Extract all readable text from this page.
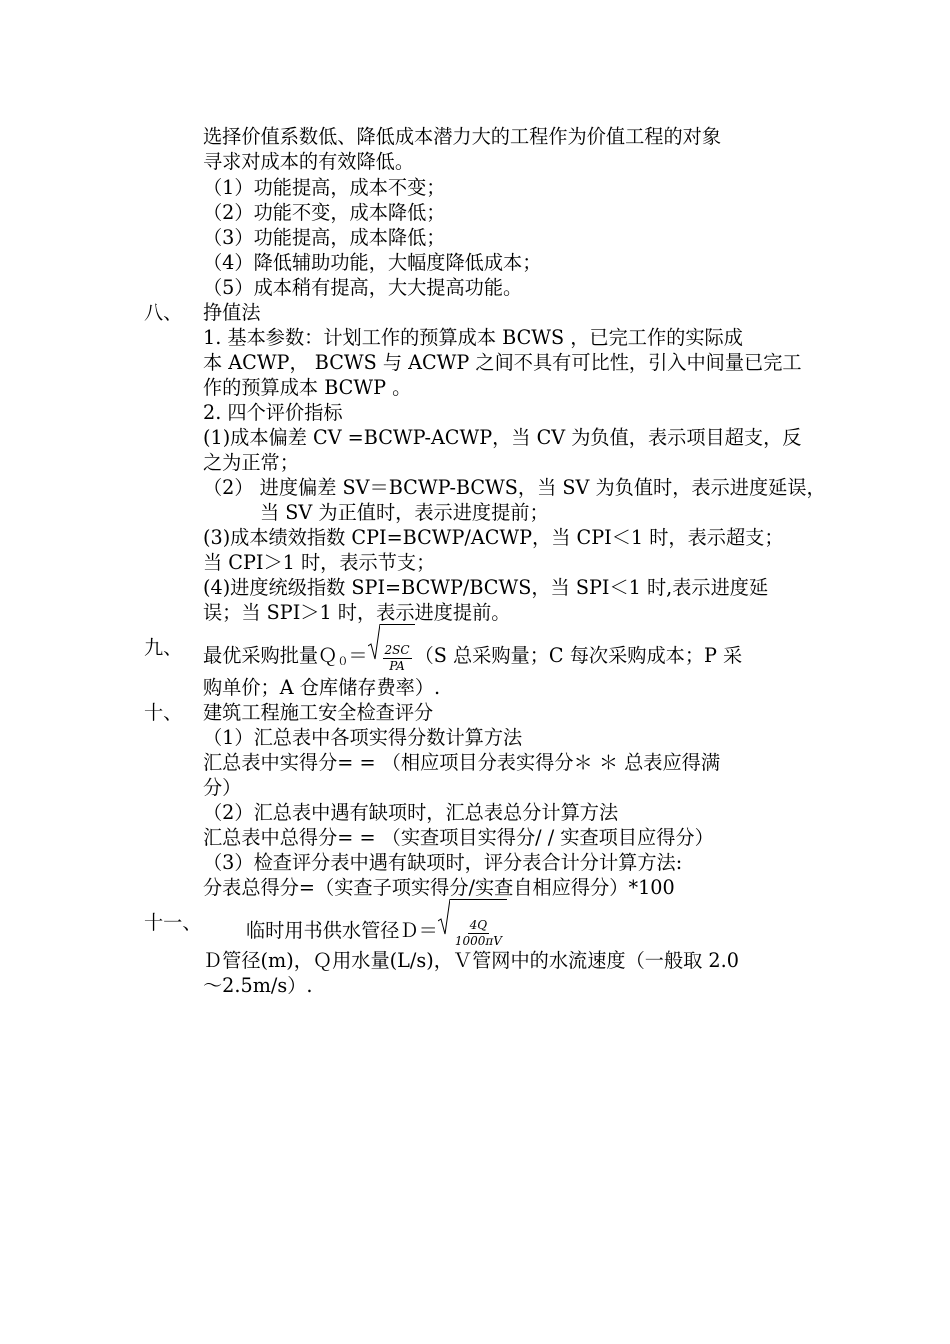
选择价值系数低、降低成本潜力大的工程作为价值工程的对象
寻求对成本的有效降低。
（1）功能提高，成本不变；
（2）功能不变，成本降低；
（3）功能提高，成本降低；
（4）降低辅助功能，大幅度降低成本；
（5）成本稍有提高，大大提高功能。
八、 挣值法
1. 基本参数：计划工作的预算成本 BCWS ，已完工作的实际成
本 ACWP， BCWS 与 ACWP 之间不具有可比性，引入中间量已完工
作的预算成本 BCWP 。
2. 四个评价指标
(1)成本偏差 CV =BCWP-ACWP，当 CV 为负值，表示项目超支，反
之为正常；
（2） 进度偏差 SV＝BCWP-BCWS，当 SV 为负值时，表示进度延误，
当 SV 为正值时，表示进度提前；
(3)成本绩效指数 CPI=BCWP/ACWP，当 CPI＜1 时，表示超支；
当 CPI＞1 时，表示节支；
(4)进度统级指数 SPI=BCWP/BCWS，当 SPI＜1 时,表示进度延
误；当 SPI＞1 时，表示进度提前。
九、 最优采购批量Ｑ$_0$＝ $\frac{2SC}{PA} (S$ 总采购量；C 每次采购成本；P 采
购单价；A 仓库储存费率）.
十、 建筑工程施工安全检查评分
（1）汇总表中各项实得分数计算方法
汇总表中实得分= = （相应项目分表实得分＊ ＊ 总表应得满
分）
（2）汇总表中遇有缺项时，汇总表总分计算方法
汇总表中总得分= = （实查项目实得分/ / 实查项目应得分）
（3）检查评分表中遇有缺项时，评分表合计分计算方法:
分表总得分=（实查子项实得分/实查自相应得分）*100
十一、 临时用书供水管径Ｄ＝ $\frac{4Q}{1000\pi V}$
Ｄ管径(m)，Ｑ用水量(L/s)，Ｖ管网中的水流速度（一般取 2.0
～2.5m/s）.
